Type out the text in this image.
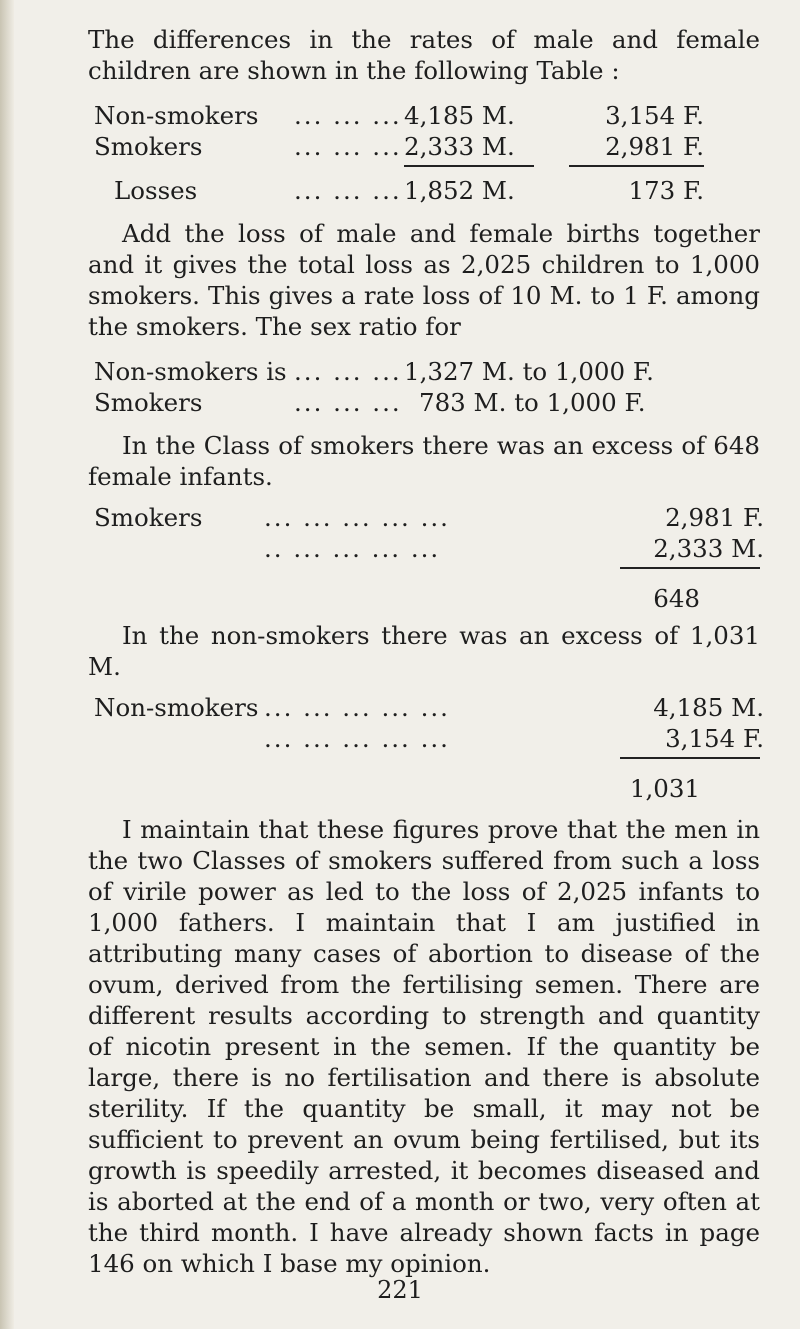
The differences in the rates of male and female children are shown in the following Table :

Non-smokers	... ... ... 4,185 M.	3,154 F.
Smokers	... ... ... 2,333 M.	2,981 F.
Losses	... ... ... 1,852 M.	173 F.

Add the loss of male and female births together and it gives the total loss as 2,025 children to 1,000 smokers. This gives a rate loss of 10 M. to 1 F. among the smokers. The sex ratio for

Non-smokers is ... ... ... 1,327 M. to 1,000 F.
Smokers	... ... ... 783 M. to 1,000 F.

In the Class of smokers there was an excess of 648 female infants.

Smokers	... ... ... ... ...	2,981 F.
.. ... ... ... ...	2,333 M.
648

In the non-smokers there was an excess of 1,031 M.

Non-smokers ... ... ... ... ...	4,185 M.
... ... ... ... ...	3,154 F.
1,031

I maintain that these figures prove that the men in the two Classes of smokers suffered from such a loss of virile power as led to the loss of 2,025 infants to 1,000 fathers. I maintain that I am justified in attributing many cases of abortion to disease of the ovum, derived from the fertilising semen. There are different results according to strength and quantity of nicotin present in the semen. If the quantity be large, there is no fertilisation and there is absolute sterility. If the quantity be small, it may not be sufficient to prevent an ovum being fertilised, but its growth is speedily arrested, it becomes diseased and is aborted at the end of a month or two, very often at the third month. I have already shown facts in page 146 on which I base my opinion.

221
